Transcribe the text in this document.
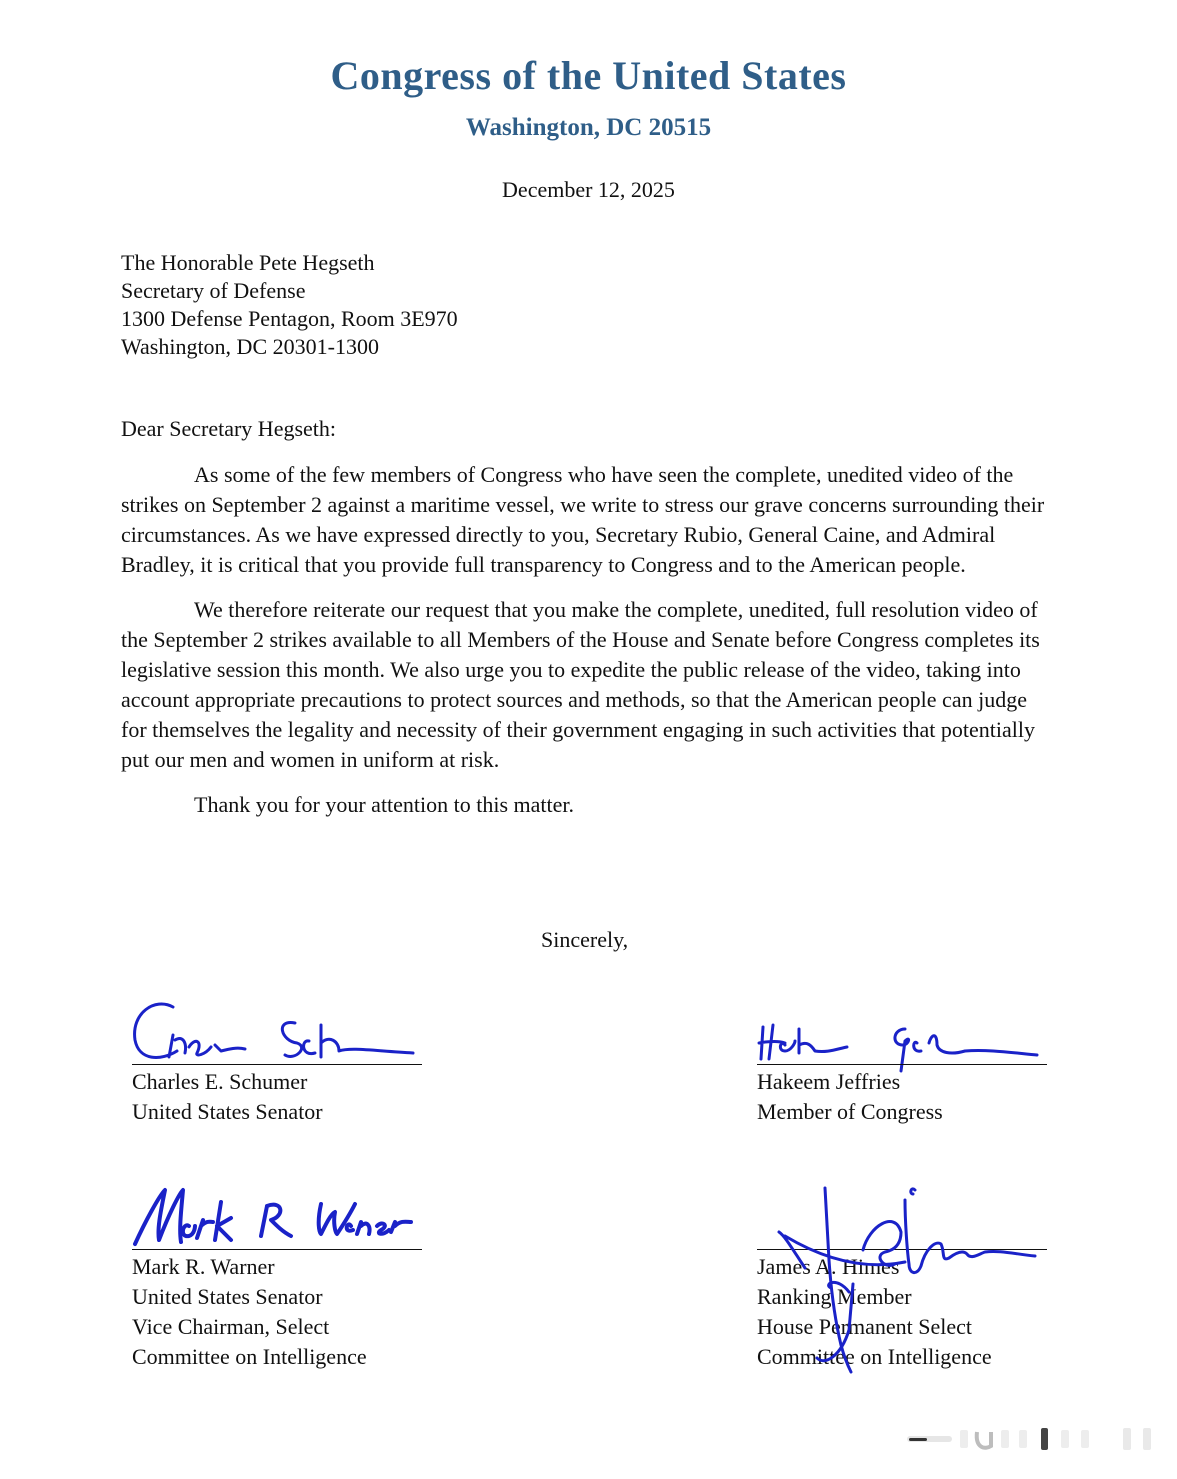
Congress of the United States
Washington, DC 20515
December 12, 2025
The Honorable Pete Hegseth
Secretary of Defense
1300 Defense Pentagon, Room 3E970
Washington, DC 20301-1300
Dear Secretary Hegseth:

As some of the few members of Congress who have seen the complete, unedited video of the strikes on September 2 against a maritime vessel, we write to stress our grave concerns surrounding their circumstances. As we have expressed directly to you, Secretary Rubio, General Caine, and Admiral Bradley, it is critical that you provide full transparency to Congress and to the American people.

We therefore reiterate our request that you make the complete, unedited, full resolution video of the September 2 strikes available to all Members of the House and Senate before Congress completes its legislative session this month. We also urge you to expedite the public release of the video, taking into account appropriate precautions to protect sources and methods, so that the American people can judge for themselves the legality and necessity of their government engaging in such activities that potentially put our men and women in uniform at risk.

Thank you for your attention to this matter.

Sincerely,
Charles E. Schumer
United States Senator
Hakeem Jeffries
Member of Congress
Mark R. Warner
United States Senator
Vice Chairman, Select
Committee on Intelligence
James A. Himes
Ranking Member
House Permanent Select
Committee on Intelligence
